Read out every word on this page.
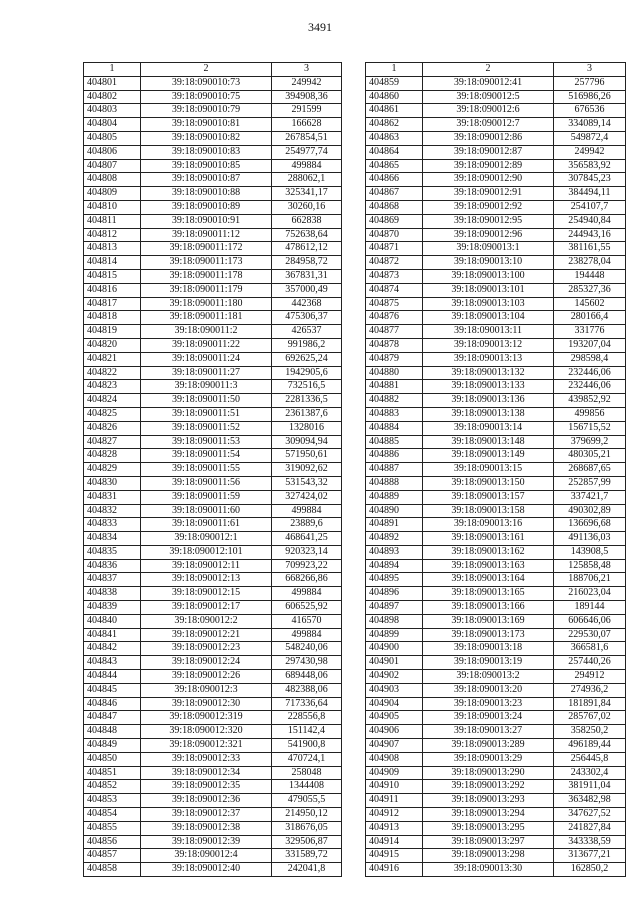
3491
1	2	3
404801	39:18:090010:73	249942
404802	39:18:090010:75	394908,36
404803	39:18:090010:79	291599
404804	39:18:090010:81	166628
404805	39:18:090010:82	267854,51
404806	39:18:090010:83	254977,74
404807	39:18:090010:85	499884
404808	39:18:090010:87	288062,1
404809	39:18:090010:88	325341,17
404810	39:18:090010:89	30260,16
404811	39:18:090010:91	662838
404812	39:18:090011:12	752638,64
404813	39:18:090011:172	478612,12
404814	39:18:090011:173	284958,72
404815	39:18:090011:178	367831,31
404816	39:18:090011:179	357000,49
404817	39:18:090011:180	442368
404818	39:18:090011:181	475306,37
404819	39:18:090011:2	426537
404820	39:18:090011:22	991986,2
404821	39:18:090011:24	692625,24
404822	39:18:090011:27	1942905,6
404823	39:18:090011:3	732516,5
404824	39:18:090011:50	2281336,5
404825	39:18:090011:51	2361387,6
404826	39:18:090011:52	1328016
404827	39:18:090011:53	309094,94
404828	39:18:090011:54	571950,61
404829	39:18:090011:55	319092,62
404830	39:18:090011:56	531543,32
404831	39:18:090011:59	327424,02
404832	39:18:090011:60	499884
404833	39:18:090011:61	23889,6
404834	39:18:090012:1	468641,25
404835	39:18:090012:101	920323,14
404836	39:18:090012:11	709923,22
404837	39:18:090012:13	668266,86
404838	39:18:090012:15	499884
404839	39:18:090012:17	606525,92
404840	39:18:090012:2	416570
404841	39:18:090012:21	499884
404842	39:18:090012:23	548240,06
404843	39:18:090012:24	297430,98
404844	39:18:090012:26	689448,06
404845	39:18:090012:3	482388,06
404846	39:18:090012:30	717336,64
404847	39:18:090012:319	228556,8
404848	39:18:090012:320	151142,4
404849	39:18:090012:321	541900,8
404850	39:18:090012:33	470724,1
404851	39:18:090012:34	258048
404852	39:18:090012:35	1344408
404853	39:18:090012:36	479055,5
404854	39:18:090012:37	214950,12
404855	39:18:090012:38	318676,05
404856	39:18:090012:39	329506,87
404857	39:18:090012:4	331589,72
404858	39:18:090012:40	242041,8
1	2	3
404859	39:18:090012:41	257796
404860	39:18:090012:5	516986,26
404861	39:18:090012:6	676536
404862	39:18:090012:7	334089,14
404863	39:18:090012:86	549872,4
404864	39:18:090012:87	249942
404865	39:18:090012:89	356583,92
404866	39:18:090012:90	307845,23
404867	39:18:090012:91	384494,11
404868	39:18:090012:92	254107,7
404869	39:18:090012:95	254940,84
404870	39:18:090012:96	244943,16
404871	39:18:090013:1	381161,55
404872	39:18:090013:10	238278,04
404873	39:18:090013:100	194448
404874	39:18:090013:101	285327,36
404875	39:18:090013:103	145602
404876	39:18:090013:104	280166,4
404877	39:18:090013:11	331776
404878	39:18:090013:12	193207,04
404879	39:18:090013:13	298598,4
404880	39:18:090013:132	232446,06
404881	39:18:090013:133	232446,06
404882	39:18:090013:136	439852,92
404883	39:18:090013:138	499856
404884	39:18:090013:14	156715,52
404885	39:18:090013:148	379699,2
404886	39:18:090013:149	480305,21
404887	39:18:090013:15	268687,65
404888	39:18:090013:150	252857,99
404889	39:18:090013:157	337421,7
404890	39:18:090013:158	490302,89
404891	39:18:090013:16	136696,68
404892	39:18:090013:161	491136,03
404893	39:18:090013:162	143908,5
404894	39:18:090013:163	125858,48
404895	39:18:090013:164	188706,21
404896	39:18:090013:165	216023,04
404897	39:18:090013:166	189144
404898	39:18:090013:169	606646,06
404899	39:18:090013:173	229530,07
404900	39:18:090013:18	366581,6
404901	39:18:090013:19	257440,26
404902	39:18:090013:2	294912
404903	39:18:090013:20	274936,2
404904	39:18:090013:23	181891,84
404905	39:18:090013:24	285767,02
404906	39:18:090013:27	358250,2
404907	39:18:090013:289	496189,44
404908	39:18:090013:29	256445,8
404909	39:18:090013:290	243302,4
404910	39:18:090013:292	381911,04
404911	39:18:090013:293	363482,98
404912	39:18:090013:294	347627,52
404913	39:18:090013:295	241827,84
404914	39:18:090013:297	343338,59
404915	39:18:090013:298	313677,21
404916	39:18:090013:30	162850,2
